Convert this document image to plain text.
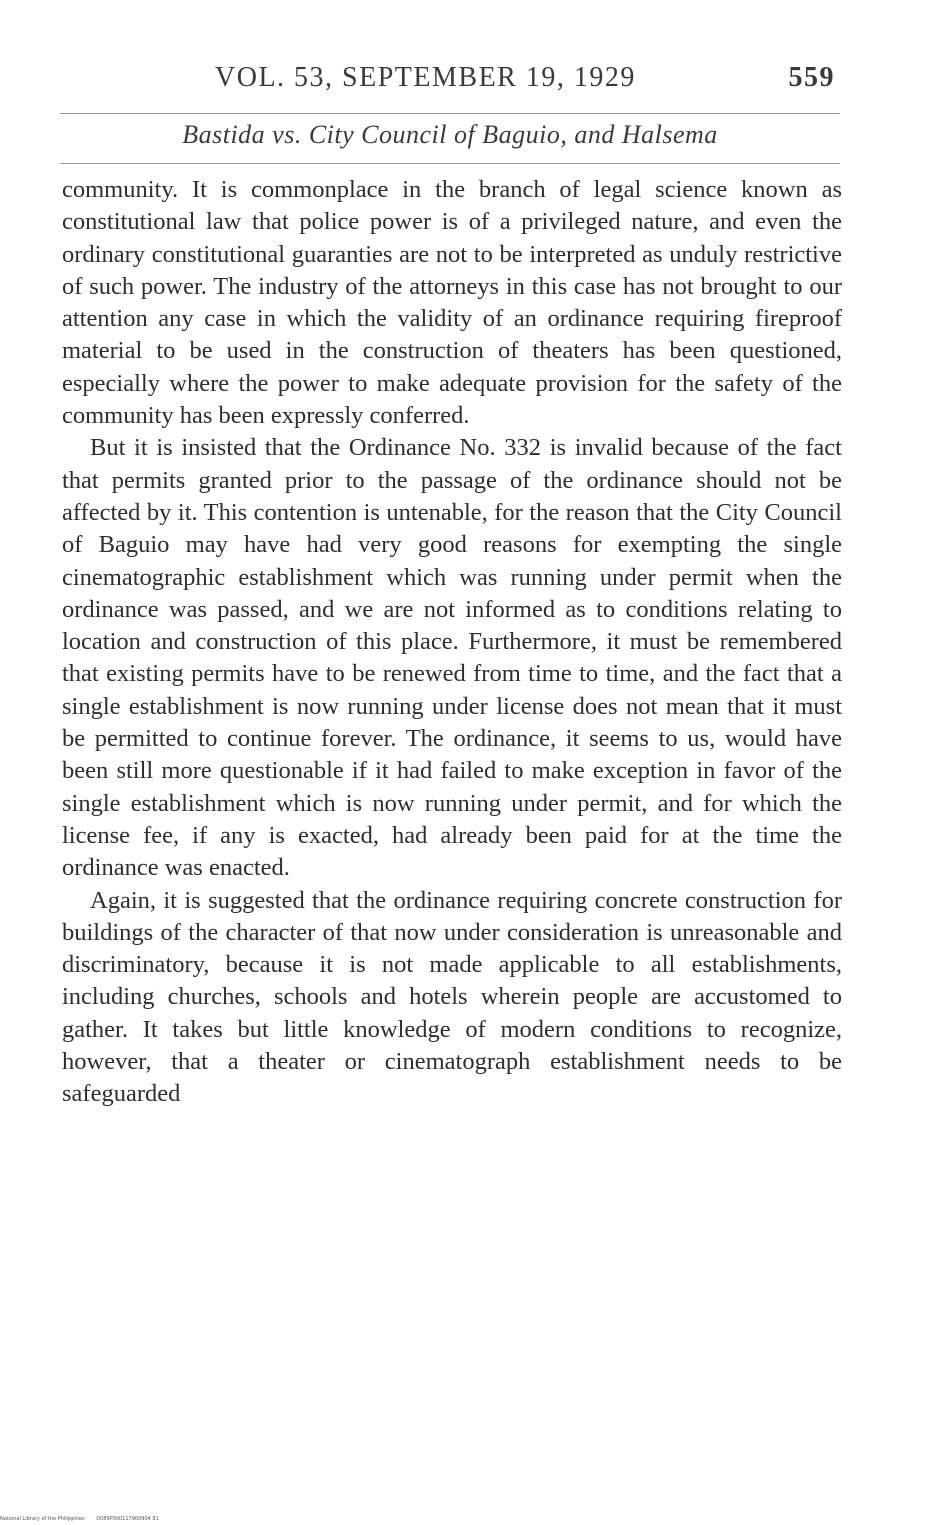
VOL. 53, SEPTEMBER 19, 1929	559
Bastida vs. City Council of Baguio, and Halsema

community. It is commonplace in the branch of legal science known as constitutional law that police power is of a privileged nature, and even the ordinary constitutional guaranties are not to be interpreted as unduly restrictive of such power. The industry of the attorneys in this case has not brought to our attention any case in which the validity of an ordinance requiring fireproof material to be used in the construction of theaters has been questioned, especially where the power to make adequate provision for the safety of the community has been expressly conferred.

But it is insisted that the Ordinance No. 332 is invalid because of the fact that permits granted prior to the passage of the ordinance should not be affected by it. This contention is untenable, for the reason that the City Council of Baguio may have had very good reasons for exempting the single cinematographic establishment which was running under permit when the ordinance was passed, and we are not informed as to conditions relating to location and construction of this place. Furthermore, it must be remembered that existing permits have to be renewed from time to time, and the fact that a single establishment is now running under license does not mean that it must be permitted to continue forever. The ordinance, it seems to us, would have been still more questionable if it had failed to make exception in favor of the single establishment which is now running under permit, and for which the license fee, if any is exacted, had already been paid for at the time the ordinance was enacted.

Again, it is suggested that the ordinance requiring concrete construction for buildings of the character of that now under consideration is unreasonable and discriminatory, because it is not made applicable to all establishments, including churches, schools and hotels wherein people are accustomed to gather. It takes but little knowledge of modern conditions to recognize, however, that a theater or cinematograph establishment needs to be safeguarded

National Library of the Philippines D089P000117900904 81
